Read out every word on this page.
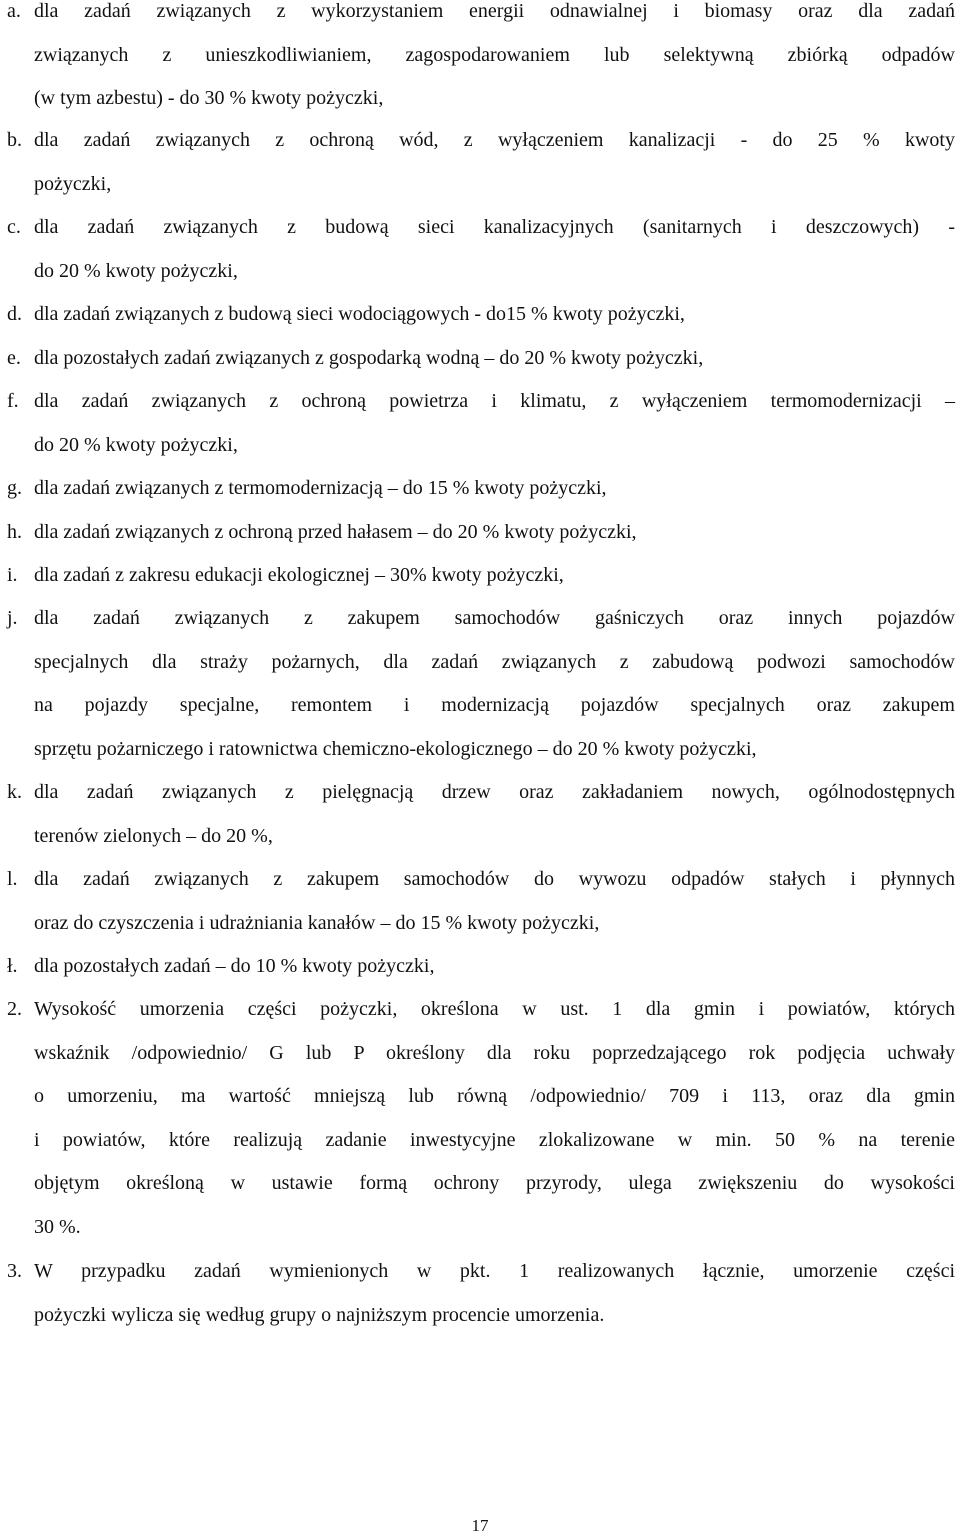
a. dla zadań związanych z wykorzystaniem energii odnawialnej i biomasy oraz dla zadań
związanych z unieszkodliwianiem, zagospodarowaniem lub selektywną zbiórką odpadów
(w tym azbestu) - do 30 % kwoty pożyczki,
b. dla zadań związanych z ochroną wód, z wyłączeniem kanalizacji - do 25 % kwoty
pożyczki,
c. dla zadań związanych z budową sieci kanalizacyjnych (sanitarnych i deszczowych) -
do 20 % kwoty pożyczki,
d. dla zadań związanych z budową sieci wodociągowych - do15 % kwoty pożyczki,
e. dla pozostałych zadań związanych z gospodarką wodną – do 20 % kwoty pożyczki,
f. dla zadań związanych z ochroną powietrza i klimatu, z wyłączeniem termomodernizacji –
do 20 % kwoty pożyczki,
g. dla zadań związanych z termomodernizacją – do 15 % kwoty pożyczki,
h. dla zadań związanych z ochroną przed hałasem – do 20 % kwoty pożyczki,
i. dla zadań z zakresu edukacji ekologicznej – 30% kwoty pożyczki,
j. dla zadań związanych z zakupem samochodów gaśniczych oraz innych pojazdów
specjalnych dla straży pożarnych, dla zadań związanych z zabudową podwozi samochodów
na pojazdy specjalne, remontem i modernizacją pojazdów specjalnych oraz zakupem
sprzętu pożarniczego i ratownictwa chemiczno-ekologicznego – do 20 % kwoty pożyczki,
k. dla zadań związanych z pielęgnacją drzew oraz zakładaniem nowych, ogólnodostępnych
terenów zielonych – do 20 %,
l. dla zadań związanych z zakupem samochodów do wywozu odpadów stałych i płynnych
oraz do czyszczenia i udrażniania kanałów – do 15 % kwoty pożyczki,
ł. dla pozostałych zadań – do 10 % kwoty pożyczki,
2. Wysokość umorzenia części pożyczki, określona w ust. 1 dla gmin i powiatów, których
wskaźnik /odpowiednio/ G lub P określony dla roku poprzedzającego rok podjęcia uchwały
o umorzeniu, ma wartość mniejszą lub równą /odpowiednio/ 709 i 113, oraz dla gmin
i powiatów, które realizują zadanie inwestycyjne zlokalizowane w min. 50 % na terenie
objętym określoną w ustawie formą ochrony przyrody, ulega zwiększeniu do wysokości
30 %.
3. W przypadku zadań wymienionych w pkt. 1 realizowanych łącznie, umorzenie części
pożyczki wylicza się według grupy o najniższym procencie umorzenia.
17
